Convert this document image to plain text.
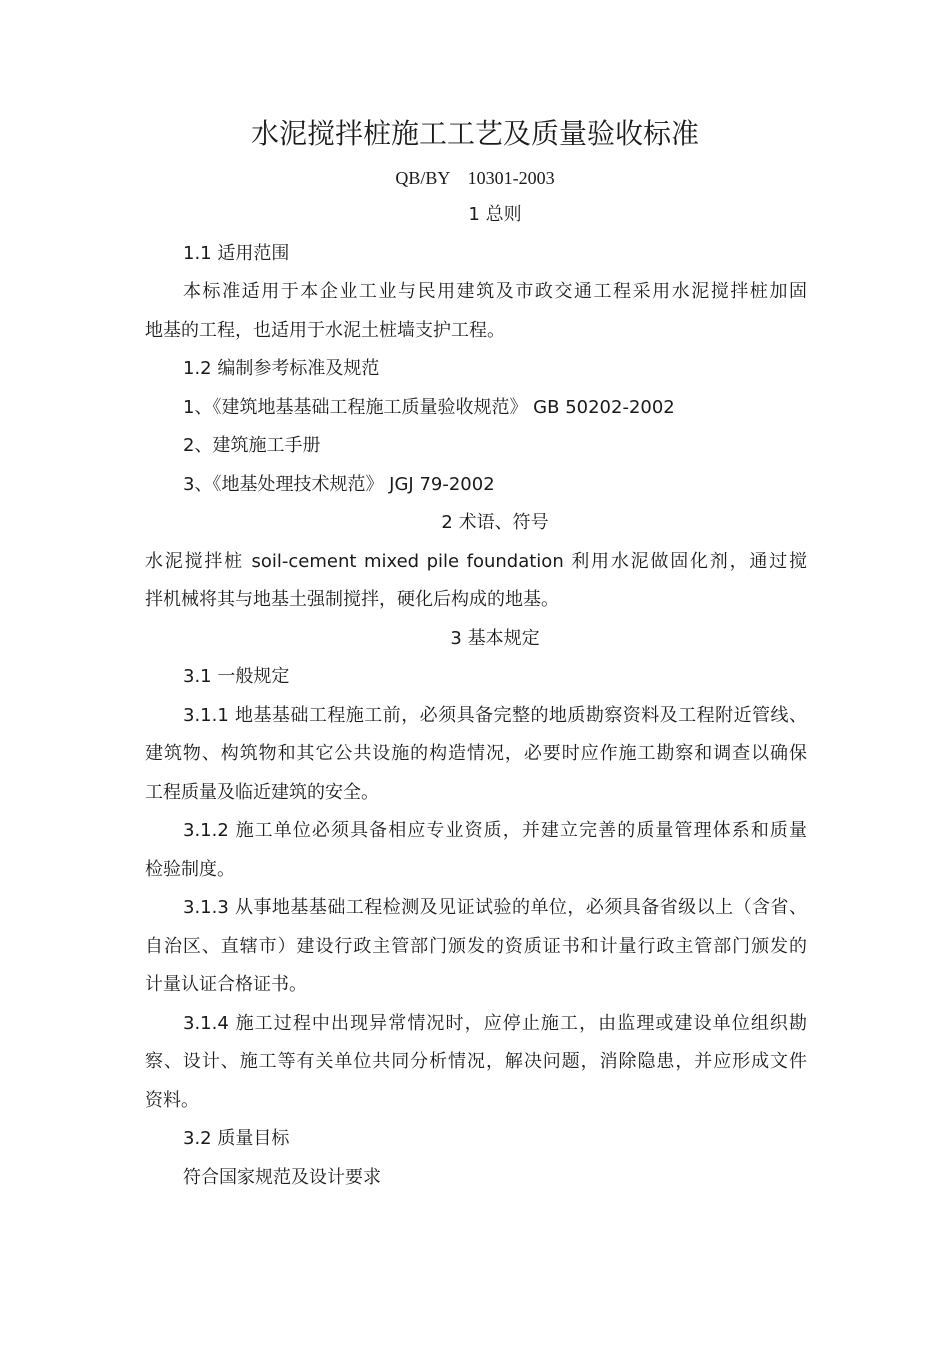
水泥搅拌桩施工工艺及质量验收标准
QB/BY    10301-2003
1 总则
1.1 适用范围
本标准适用于本企业工业与民用建筑及市政交通工程采用水泥搅拌桩加固
地基的工程，也适用于水泥土桩墙支护工程。
1.2 编制参考标准及规范
1、《建筑地基基础工程施工质量验收规范》 GB 50202-2002
2、建筑施工手册
3、《地基处理技术规范》 JGJ 79-2002
2 术语、符号
水泥搅拌桩 soil-cement mixed pile foundation 利用水泥做固化剂，通过搅
拌机械将其与地基土强制搅拌，硬化后构成的地基。
3 基本规定
3.1 一般规定
3.1.1 地基基础工程施工前，必须具备完整的地质勘察资料及工程附近管线、
建筑物、构筑物和其它公共设施的构造情况，必要时应作施工勘察和调查以确保
工程质量及临近建筑的安全。
3.1.2 施工单位必须具备相应专业资质，并建立完善的质量管理体系和质量
检验制度。
3.1.3 从事地基基础工程检测及见证试验的单位，必须具备省级以上（含省、
自治区、直辖市）建设行政主管部门颁发的资质证书和计量行政主管部门颁发的
计量认证合格证书。
3.1.4 施工过程中出现异常情况时，应停止施工，由监理或建设单位组织勘
察、设计、施工等有关单位共同分析情况，解决问题，消除隐患，并应形成文件
资料。
3.2 质量目标
符合国家规范及设计要求
